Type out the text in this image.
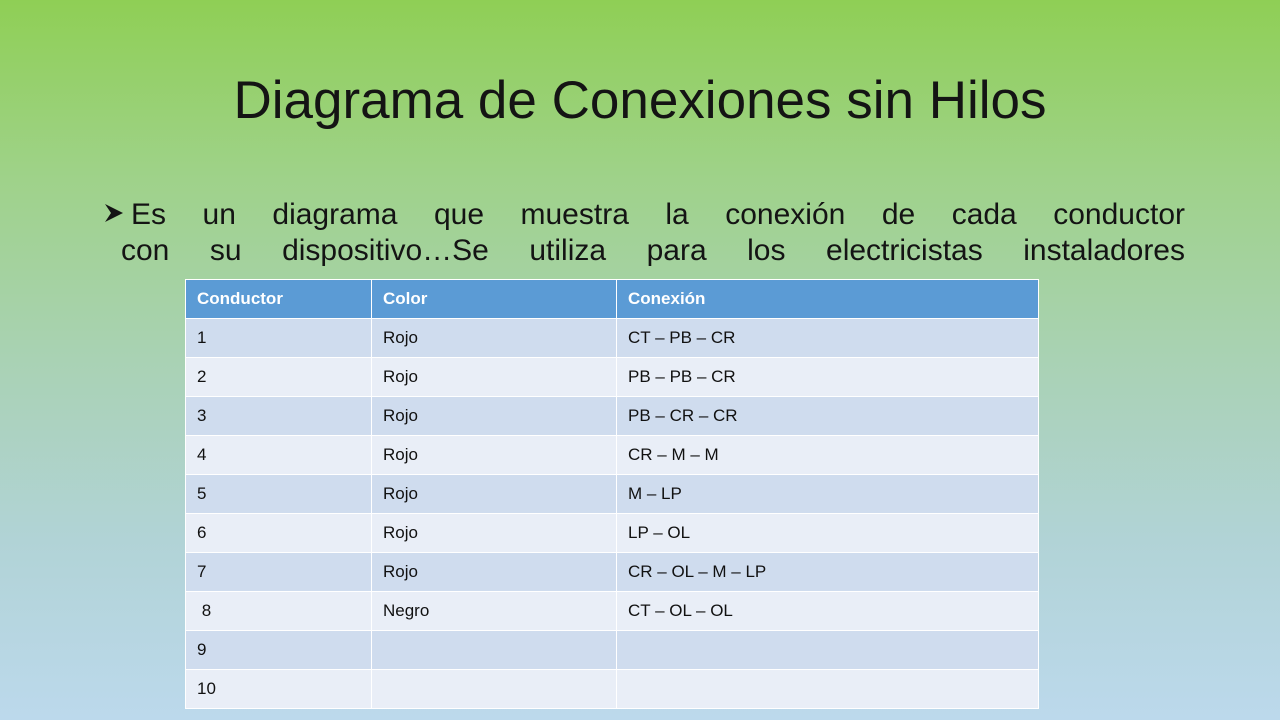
Diagrama de Conexiones sin Hilos
Es un diagrama que muestra la conexión de cada conductor
con su dispositivo…Se utiliza para los electricistas instaladores
Conductor	Color	Conexión
1	Rojo	CT – PB – CR
2	Rojo	PB – PB – CR
3	Rojo	PB – CR – CR
4	Rojo	CR – M – M
5	Rojo	M – LP
6	Rojo	LP – OL
7	Rojo	CR – OL – M – LP
8	Negro	CT – OL – OL
9		
10		
